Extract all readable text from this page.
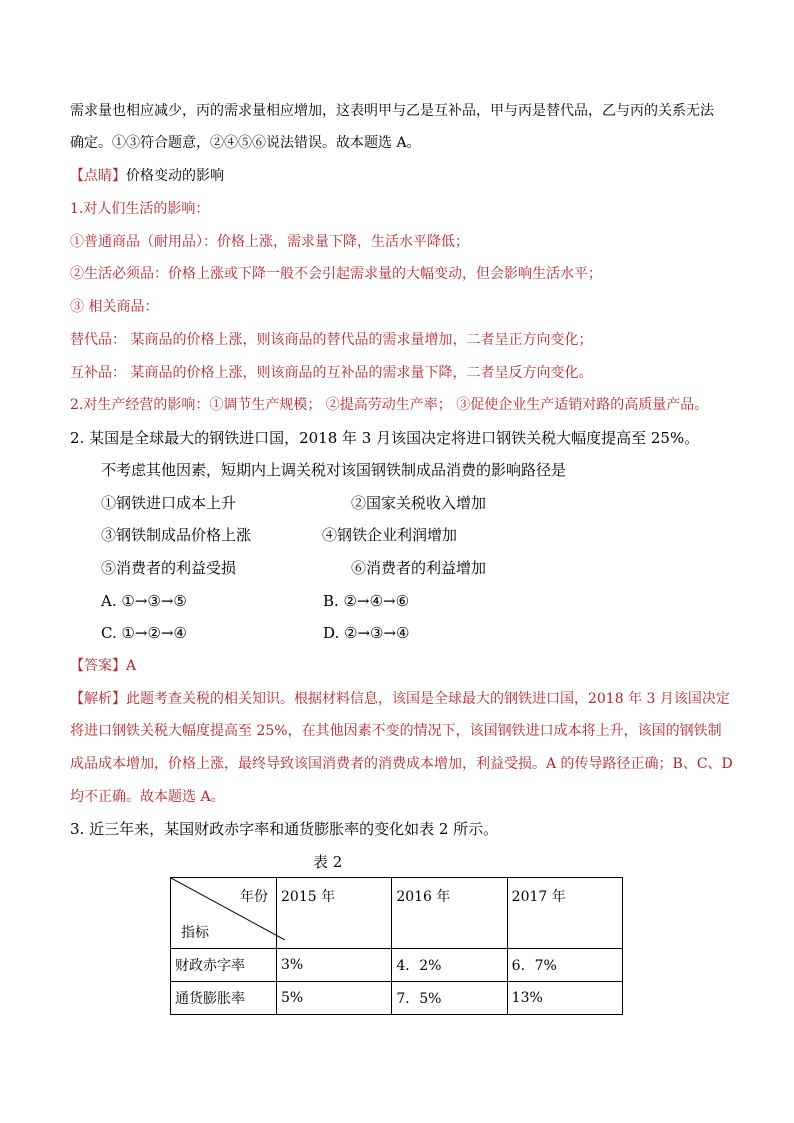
需求量也相应减少，丙的需求量相应增加，这表明甲与乙是互补品，甲与丙是替代品，乙与丙的关系无法
确定。①③符合题意，②④⑤⑥说法错误。故本题选 A。
【点睛】价格变动的影响
1.对人们生活的影响：
①普通商品（耐用品）：价格上涨，需求量下降，生活水平降低；
②生活必须品：价格上涨或下降一般不会引起需求量的大幅变动，但会影响生活水平；
③ 相关商品：
替代品： 某商品的价格上涨，则该商品的替代品的需求量增加，二者呈正方向变化；
互补品： 某商品的价格上涨，则该商品的互补品的需求量下降，二者呈反方向变化。
2.对生产经营的影响：①调节生产规模； ②提高劳动生产率； ③促使企业生产适销对路的高质量产品。
2. 某国是全球最大的钢铁进口国，2018 年 3 月该国决定将进口钢铁关税大幅度提高至 25%。
不考虑其他因素，短期内上调关税对该国钢铁制成品消费的影响路径是
①钢铁进口成本上升	②国家关税收入增加
③钢铁制成品价格上涨	④钢铁企业利润增加
⑤消费者的利益受损	⑥消费者的利益增加
A. ①→③→⑤	B. ②→④→⑥
C. ①→②→④	D. ②→③→④
【答案】A
【解析】此题考查关税的相关知识。根据材料信息，该国是全球最大的钢铁进口国，2018 年 3 月该国决定
将进口钢铁关税大幅度提高至 25%，在其他因素不变的情况下，该国钢铁进口成本将上升，该国的钢铁制
成品成本增加，价格上涨，最终导致该国消费者的消费成本增加，利益受损。A 的传导路径正确；B、C、D
均不正确。故本题选 A。
3. 近三年来，某国财政赤字率和通货膨胀率的变化如表 2 所示。
表 2
年份
指标	2015 年	2016 年	2017 年
财政赤字率	3%	4．2%	6．7%
通货膨胀率	5%	7．5%	13%
